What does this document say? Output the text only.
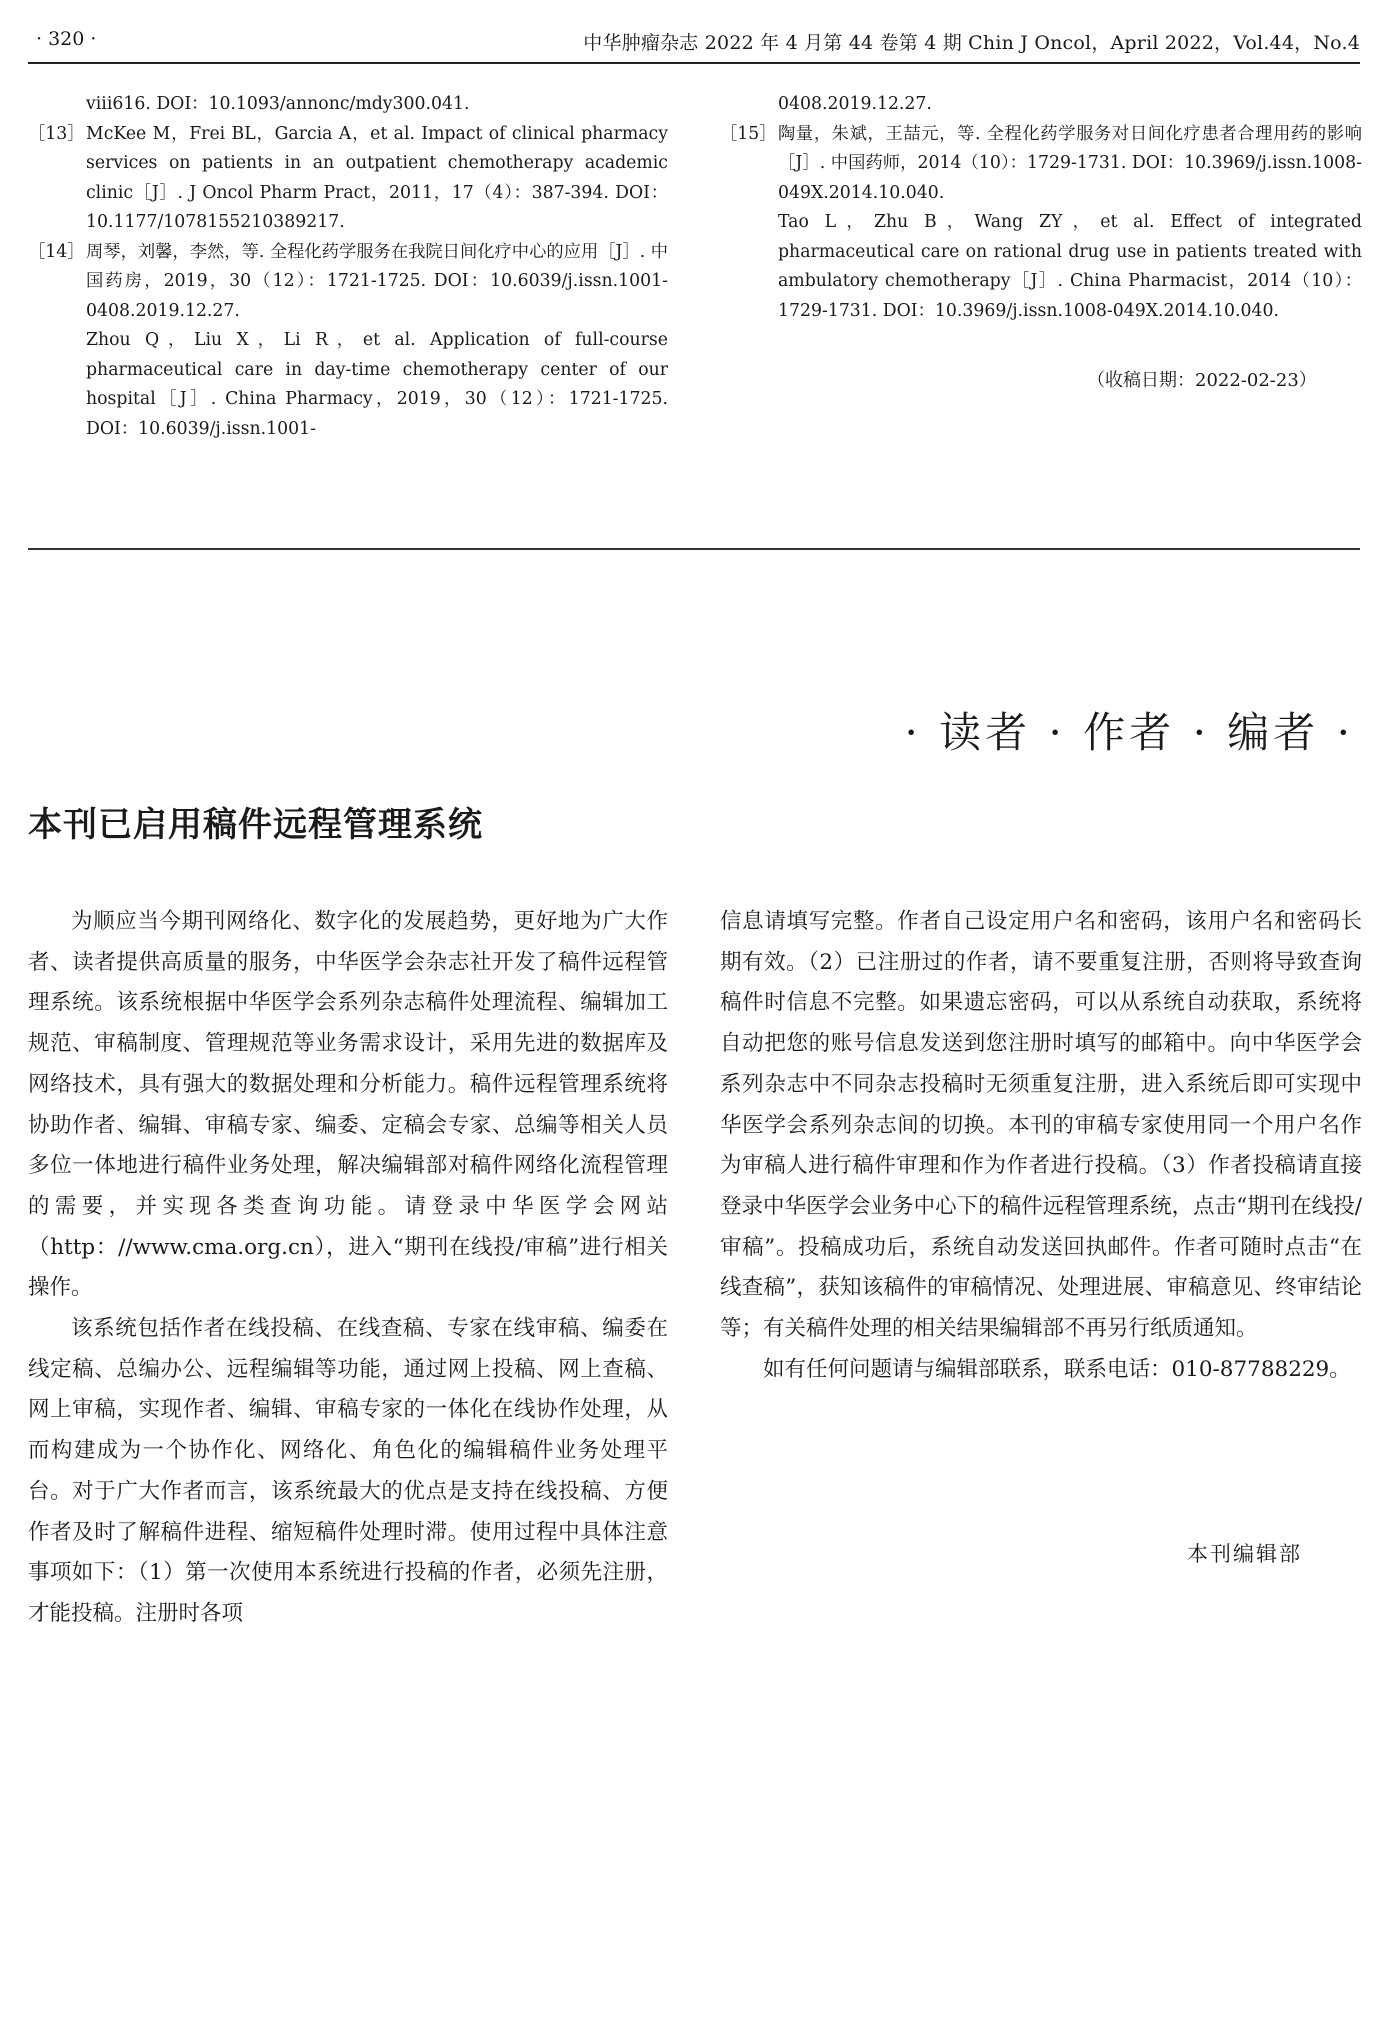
· 320 ·	中华肿瘤杂志 2022 年 4 月第 44 卷第 4 期 Chin J Oncol，April 2022，Vol.44，No.4

viii616. DOI：10.1093/annonc/mdy300.041.

［13］ McKee M，Frei BL，Garcia A，et al. Impact of clinical pharmacy services on patients in an outpatient chemotherapy academic clinic［J］. J Oncol Pharm Pract，2011，17（4）：387-394. DOI：10.1177/1078155210389217.

［14］ 周琴，刘馨，李然，等. 全程化药学服务在我院日间化疗中心的应用［J］. 中国药房，2019，30（12）：1721-1725. DOI：10.6039/j.issn.1001-0408.2019.12.27.

Zhou Q，Liu X，Li R，et al. Application of full-course pharmaceutical care in day-time chemotherapy center of our hospital［J］. China Pharmacy，2019，30（12）：1721-1725. DOI：10.6039/j.issn.1001-

0408.2019.12.27.

［15］ 陶量，朱斌，王喆元，等. 全程化药学服务对日间化疗患者合理用药的影响［J］. 中国药师，2014（10）：1729-1731. DOI：10.3969/j.issn.1008-049X.2014.10.040.

Tao L，Zhu B，Wang ZY，et al. Effect of integrated pharmaceutical care on rational drug use in patients treated with ambulatory chemotherapy［J］. China Pharmacist，2014（10）：1729-1731. DOI：10.3969/j.issn.1008-049X.2014.10.040.

（收稿日期：2022-02-23）
· 读者 · 作者 · 编者 ·
本刊已启用稿件远程管理系统

为顺应当今期刊网络化、数字化的发展趋势，更好地为广大作者、读者提供高质量的服务，中华医学会杂志社开发了稿件远程管理系统。该系统根据中华医学会系列杂志稿件处理流程、编辑加工规范、审稿制度、管理规范等业务需求设计，采用先进的数据库及网络技术，具有强大的数据处理和分析能力。稿件远程管理系统将协助作者、编辑、审稿专家、编委、定稿会专家、总编等相关人员多位一体地进行稿件业务处理，解决编辑部对稿件网络化流程管理的需要，并实现各类查询功能。请登录中华医学会网站（http：//www.cma.org.cn），进入“期刊在线投/审稿”进行相关操作。

该系统包括作者在线投稿、在线查稿、专家在线审稿、编委在线定稿、总编办公、远程编辑等功能，通过网上投稿、网上查稿、网上审稿，实现作者、编辑、审稿专家的一体化在线协作处理，从而构建成为一个协作化、网络化、角色化的编辑稿件业务处理平台。对于广大作者而言，该系统最大的优点是支持在线投稿、方便作者及时了解稿件进程、缩短稿件处理时滞。使用过程中具体注意事项如下：（1）第一次使用本系统进行投稿的作者，必须先注册，才能投稿。注册时各项

信息请填写完整。作者自己设定用户名和密码，该用户名和密码长期有效。（2）已注册过的作者，请不要重复注册，否则将导致查询稿件时信息不完整。如果遗忘密码，可以从系统自动获取，系统将自动把您的账号信息发送到您注册时填写的邮箱中。向中华医学会系列杂志中不同杂志投稿时无须重复注册，进入系统后即可实现中华医学会系列杂志间的切换。本刊的审稿专家使用同一个用户名作为审稿人进行稿件审理和作为作者进行投稿。（3）作者投稿请直接登录中华医学会业务中心下的稿件远程管理系统，点击“期刊在线投/审稿”。投稿成功后，系统自动发送回执邮件。作者可随时点击“在线查稿”，获知该稿件的审稿情况、处理进展、审稿意见、终审结论等；有关稿件处理的相关结果编辑部不再另行纸质通知。

如有任何问题请与编辑部联系，联系电话：010-87788229。

本刊编辑部
